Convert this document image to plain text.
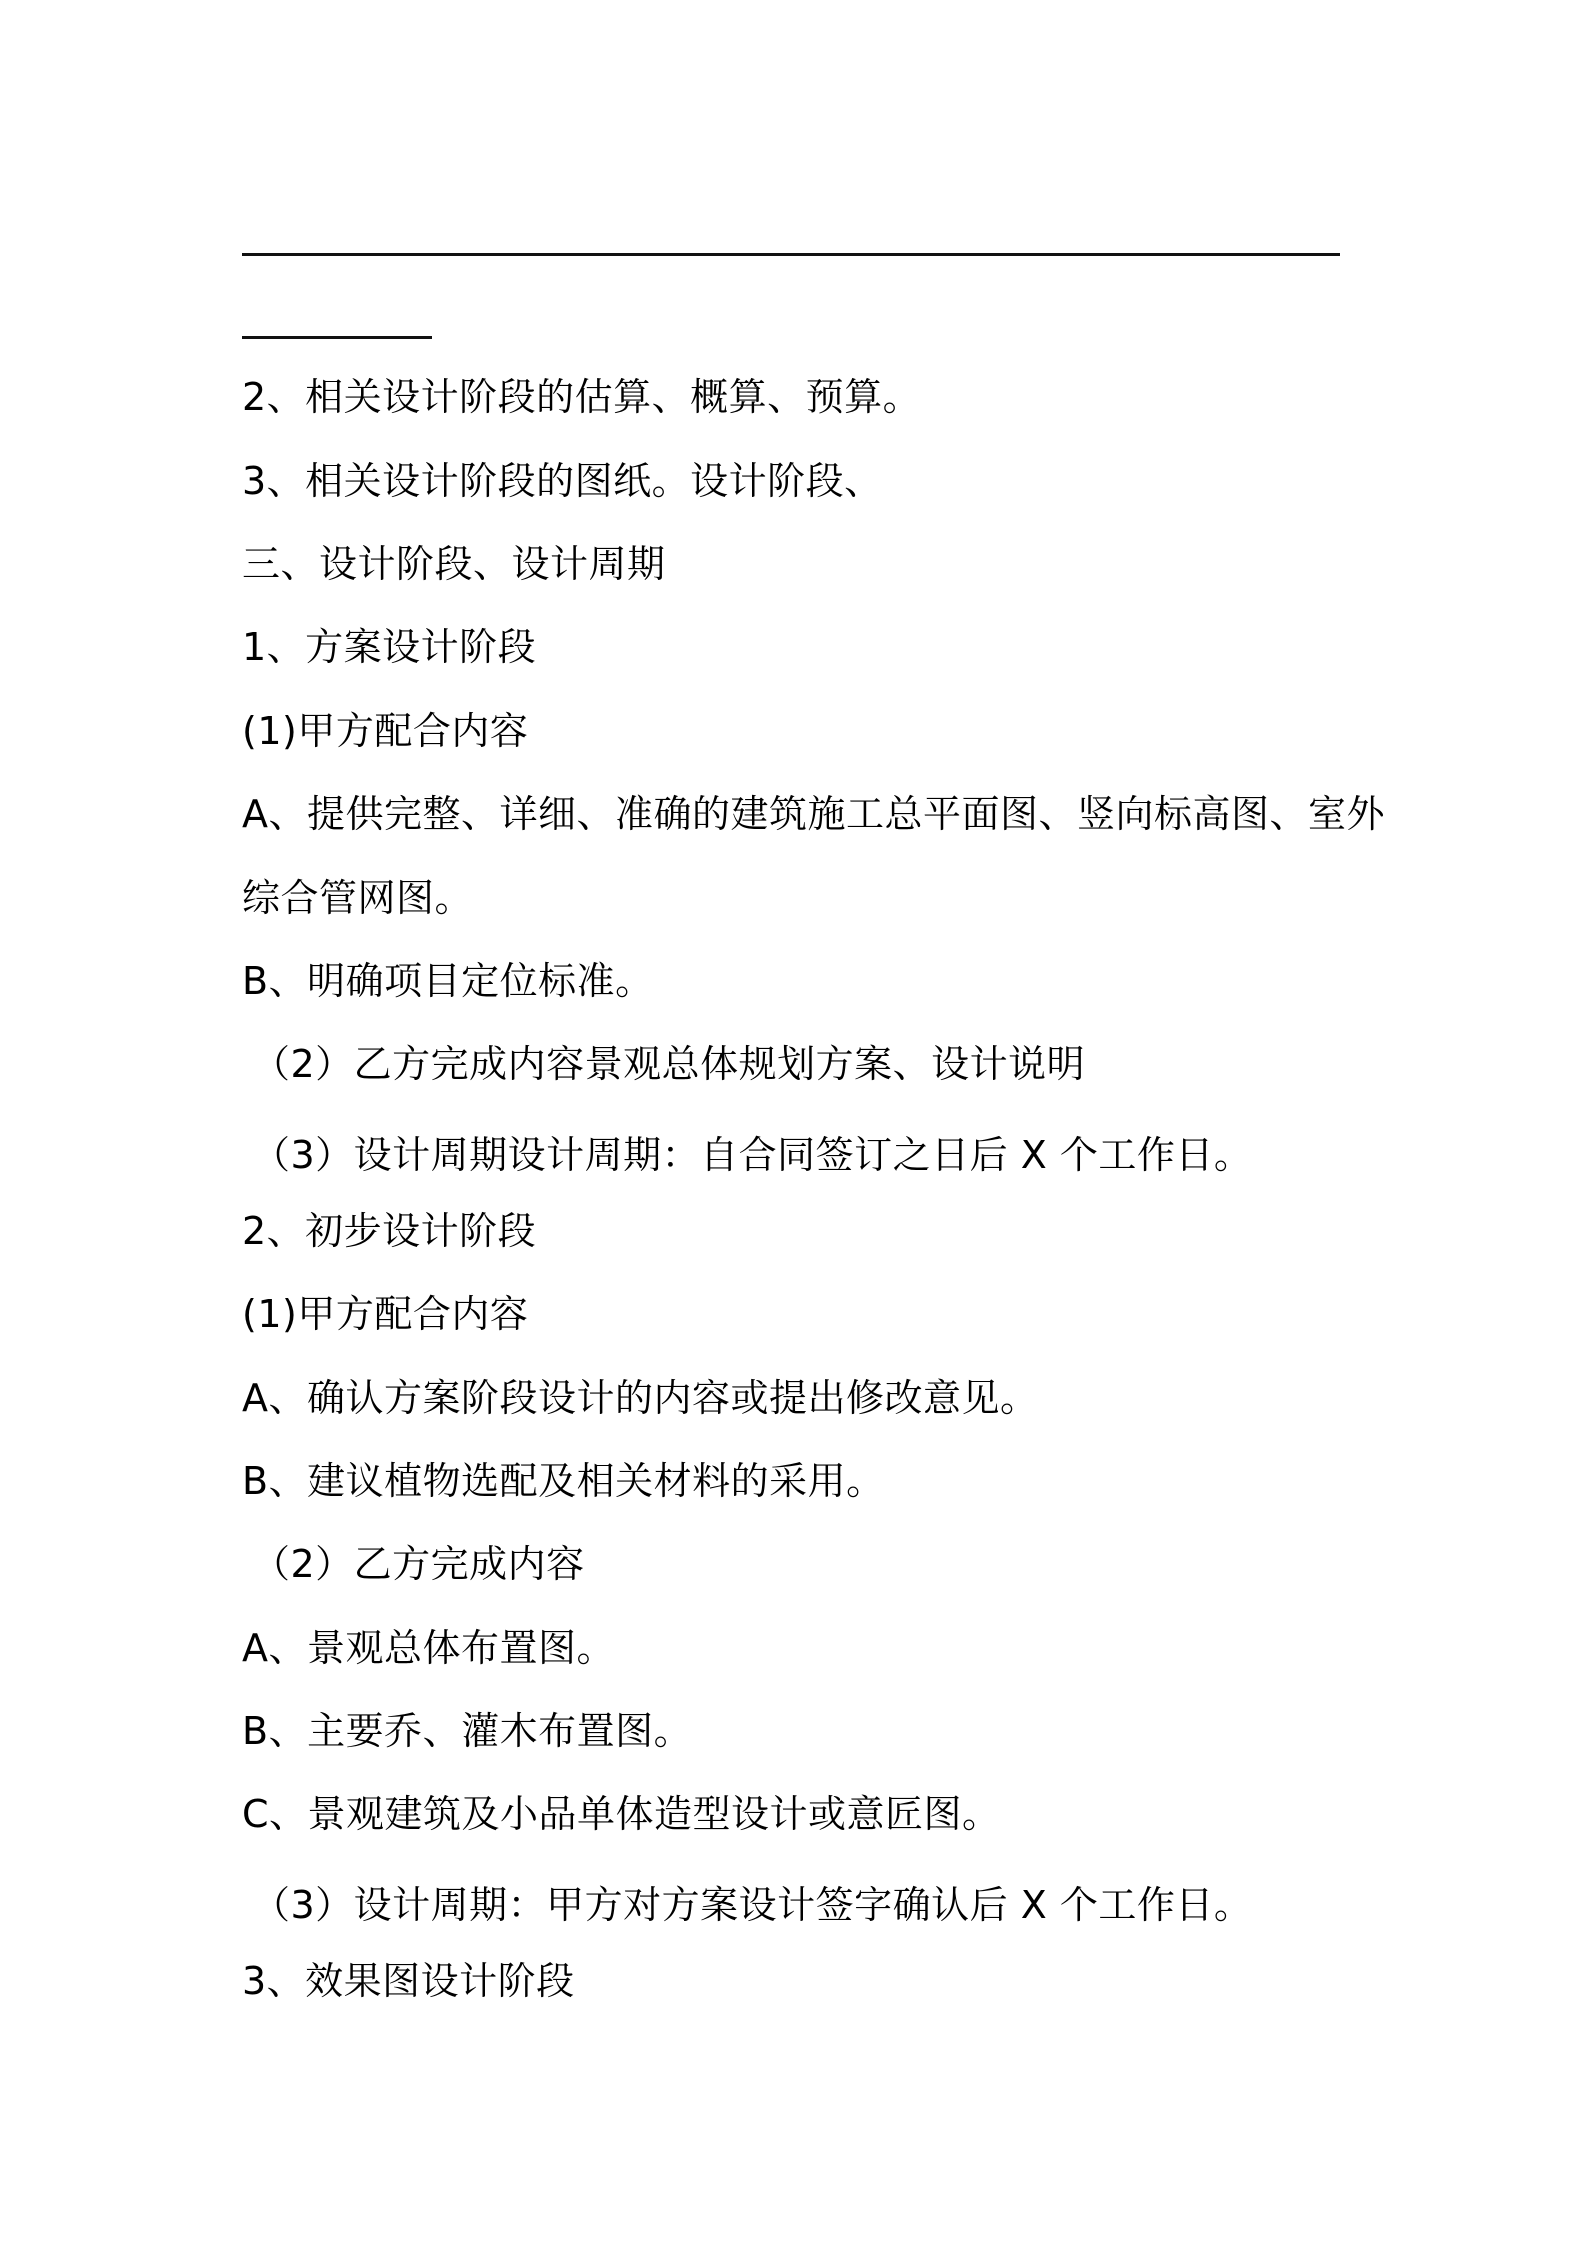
2、相关设计阶段的估算、概算、预算。
3、相关设计阶段的图纸。设计阶段、
三、设计阶段、设计周期
1、方案设计阶段
(1)甲方配合内容
A、提供完整、详细、准确的建筑施工总平面图、竖向标高图、室外
综合管网图。
B、明确项目定位标准。
（2）乙方完成内容景观总体规划方案、设计说明
（3）设计周期设计周期：自合同签订之日后 X 个工作日。
2、初步设计阶段
(1)甲方配合内容
A、确认方案阶段设计的内容或提出修改意见。
B、建议植物选配及相关材料的采用。
（2）乙方完成内容
A、景观总体布置图。
B、主要乔、灌木布置图。
C、景观建筑及小品单体造型设计或意匠图。
（3）设计周期：甲方对方案设计签字确认后 X 个工作日。
3、效果图设计阶段
